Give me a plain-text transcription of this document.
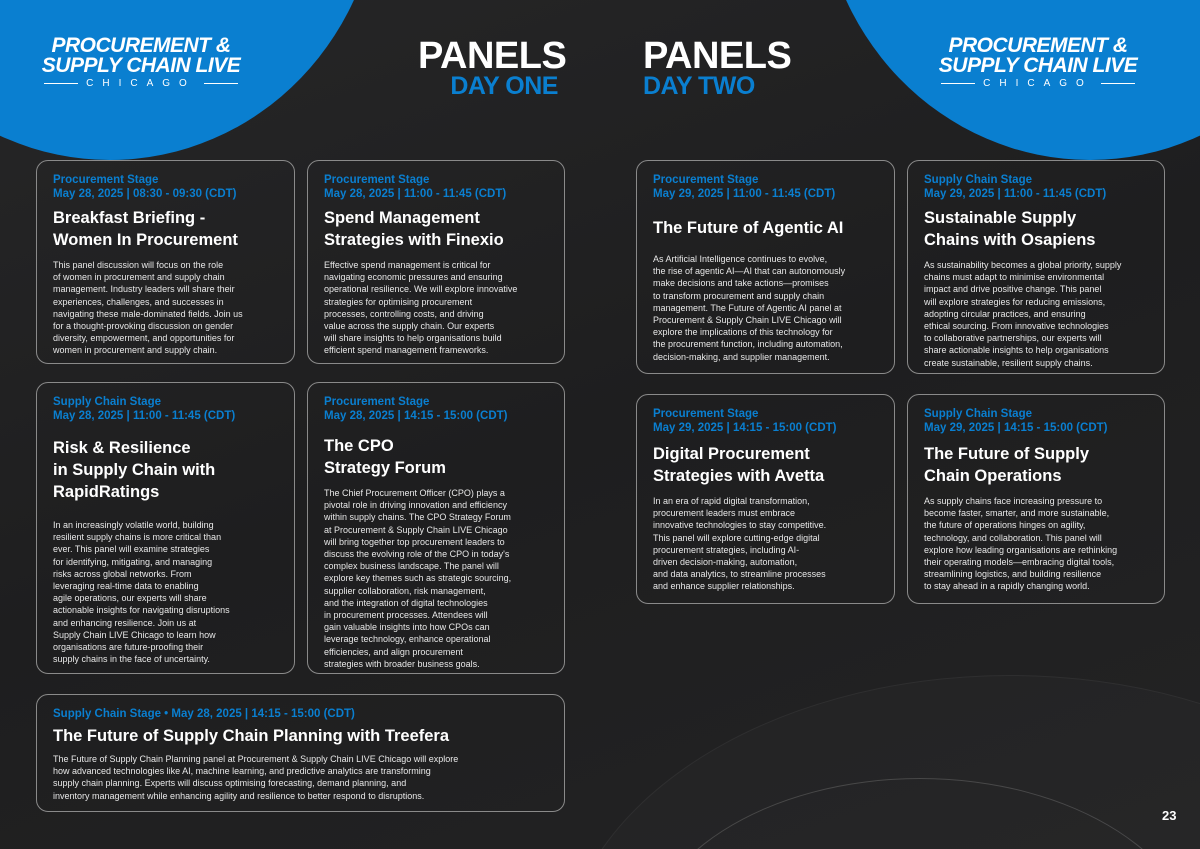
PROCUREMENT &
SUPPLY CHAIN LIVE
CHICAGO
PROCUREMENT &
SUPPLY CHAIN LIVE
CHICAGO
PANELS
DAY ONE
PANELS
DAY TWO
Procurement Stage
May 28, 2025 | 08:30 - 09:30 (CDT)
Breakfast Briefing -
Women In Procurement
This panel discussion will focus on the role
of women in procurement and supply chain
management. Industry leaders will share their
experiences, challenges, and successes in
navigating these male-dominated fields. Join us
for a thought-provoking discussion on gender
diversity, empowerment, and opportunities for
women in procurement and supply chain.
Procurement Stage
May 28, 2025 | 11:00 - 11:45 (CDT)
Spend Management
Strategies with Finexio
Effective spend management is critical for
navigating economic pressures and ensuring
operational resilience. We will explore innovative
strategies for optimising procurement
processes, controlling costs, and driving
value across the supply chain. Our experts
will share insights to help organisations build
efficient spend management frameworks.
Supply Chain Stage
May 28, 2025 | 11:00 - 11:45 (CDT)
Risk & Resilience
in Supply Chain with
RapidRatings
In an increasingly volatile world, building
resilient supply chains is more critical than
ever. This panel will examine strategies
for identifying, mitigating, and managing
risks across global networks. From
leveraging real-time data to enabling
agile operations, our experts will share
actionable insights for navigating disruptions
and enhancing resilience. Join us at
Supply Chain LIVE Chicago to learn how
organisations are future-proofing their
supply chains in the face of uncertainty.
Procurement Stage
May 28, 2025 | 14:15 - 15:00 (CDT)
The CPO
Strategy Forum
The Chief Procurement Officer (CPO) plays a
pivotal role in driving innovation and efficiency
within supply chains. The CPO Strategy Forum
at Procurement & Supply Chain LIVE Chicago
will bring together top procurement leaders to
discuss the evolving role of the CPO in today's
complex business landscape. The panel will
explore key themes such as strategic sourcing,
supplier collaboration, risk management,
and the integration of digital technologies
in procurement processes. Attendees will
gain valuable insights into how CPOs can
leverage technology, enhance operational
efficiencies, and align procurement
strategies with broader business goals.
Supply Chain Stage • May 28, 2025 | 14:15 - 15:00 (CDT)
The Future of Supply Chain Planning with Treefera
The Future of Supply Chain Planning panel at Procurement & Supply Chain LIVE Chicago will explore
how advanced technologies like AI, machine learning, and predictive analytics are transforming
supply chain planning. Experts will discuss optimising forecasting, demand planning, and
inventory management while enhancing agility and resilience to better respond to disruptions.
Procurement Stage
May 29, 2025 | 11:00 - 11:45 (CDT)
The Future of Agentic AI
As Artificial Intelligence continues to evolve,
the rise of agentic AI—AI that can autonomously
make decisions and take actions—promises
to transform procurement and supply chain
management. The Future of Agentic AI panel at
Procurement & Supply Chain LIVE Chicago will
explore the implications of this technology for
the procurement function, including automation,
decision-making, and supplier management.
Supply Chain Stage
May 29, 2025 | 11:00 - 11:45 (CDT)
Sustainable Supply
Chains with Osapiens
As sustainability becomes a global priority, supply
chains must adapt to minimise environmental
impact and drive positive change. This panel
will explore strategies for reducing emissions,
adopting circular practices, and ensuring
ethical sourcing. From innovative technologies
to collaborative partnerships, our experts will
share actionable insights to help organisations
create sustainable, resilient supply chains.
Procurement Stage
May 29, 2025 | 14:15 - 15:00 (CDT)
Digital Procurement
Strategies with Avetta
In an era of rapid digital transformation,
procurement leaders must embrace
innovative technologies to stay competitive.
This panel will explore cutting-edge digital
procurement strategies, including AI-
driven decision-making, automation,
and data analytics, to streamline processes
and enhance supplier relationships.
Supply Chain Stage
May 29, 2025 | 14:15 - 15:00 (CDT)
The Future of Supply
Chain Operations
As supply chains face increasing pressure to
become faster, smarter, and more sustainable,
the future of operations hinges on agility,
technology, and collaboration. This panel will
explore how leading organisations are rethinking
their operating models—embracing digital tools,
streamlining logistics, and building resilience
to stay ahead in a rapidly changing world.
23
